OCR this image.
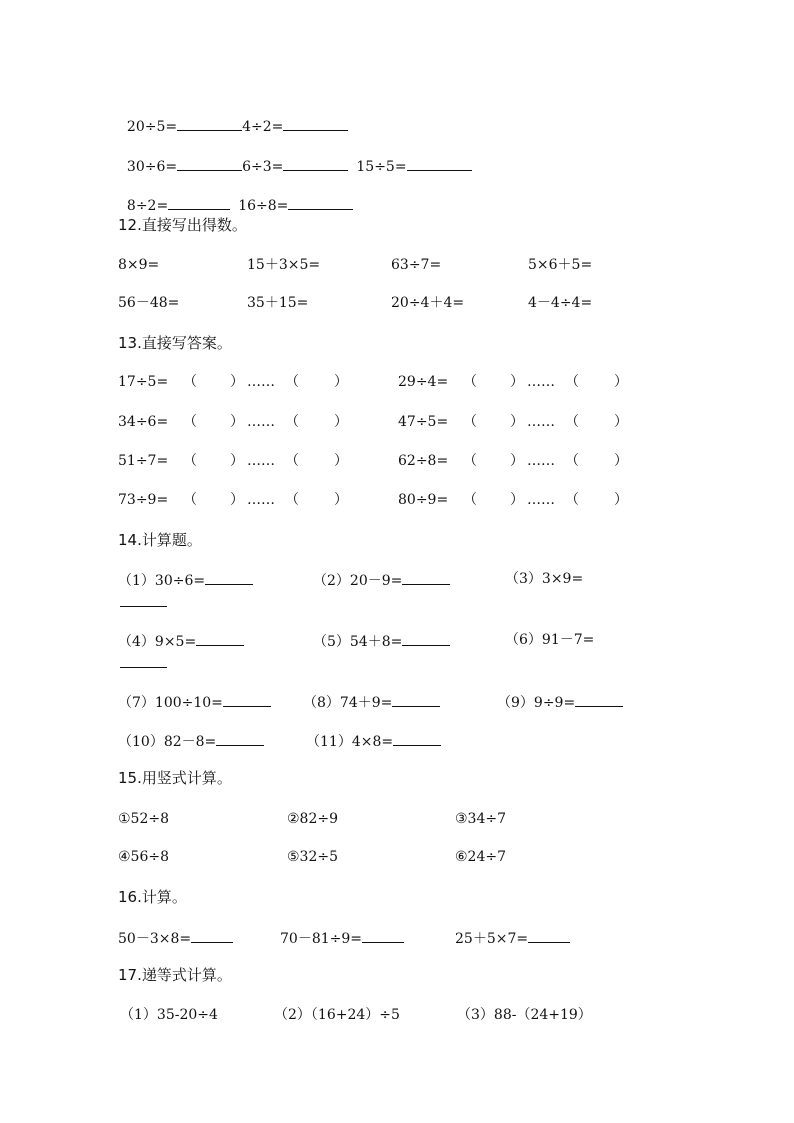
20÷5=	4÷2=

30÷6=	6÷3=	15÷5=

8÷2=	16÷8=

12.直接写出得数。
8×9=	15＋3×5=	63÷7=	5×6＋5=
56－48=	35＋15=	20÷4＋4=	4－4÷4=
13.直接写答案。
17÷5= （ ） …… （	）	29÷4= （ ） …… （	）
34÷6= （ ） …… （	）	47÷5= （ ） …… （	）
51÷7= （ ） …… （	）	62÷8= （ ） …… （	）
73÷9= （ ） …… （	）	80÷9= （ ） …… （	）
14.计算题。
（1）30÷6=	（2）20－9=	（3）3×9=
（4）9×5=	（5）54＋8=	（6）91－7=
（7）100÷10=	（8）74＋9=	（9）9÷9=
（10）82－8=	（11）4×8=
15.用竖式计算。
①52÷8	②82÷9	③34÷7
④56÷8	⑤32÷5	⑥24÷7
16.计算。
50－3×8=	70－81÷9=	25＋5×7=
17.递等式计算。
（1）35-20÷4	（2）（16+24）÷5	（3）88-（24+19）
